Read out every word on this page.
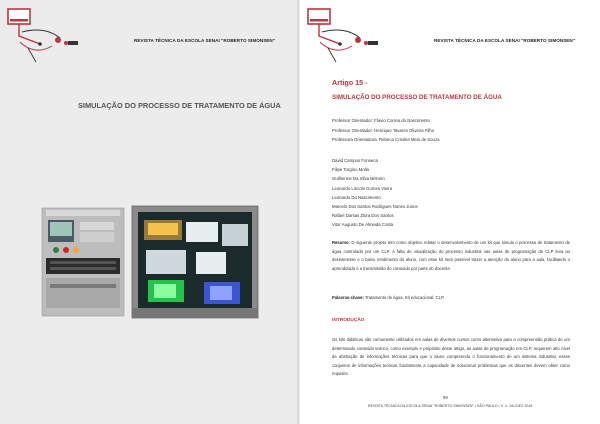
REVISTA TÉCNICA DA ESCOLA SENAI "ROBERTO SIMONSEN"
SIMULAÇÃO DO PROCESSO DE TRATAMENTO DE ÁGUA
REVISTA TÉCNICA DA ESCOLA SENAI "ROBERTO SIMONSEN"
Artigo 15 -
SIMULAÇÃO DO PROCESSO DE TRATAMENTO DE ÁGUA
Professor Orientador: Flavio Correa do Nascimento
Professor Orientador: Henrique Tavares Oliveira Filho
Professora Orientadora: Rebeca Cristina Melo de Souza
David Campos Fonseca
Filipe Torgino Molla
Guilherme Da Silva Belmiro
Leonardo Lincoln Gomes Vieira
Leonardo Do Nascimento
Marcelo Dos Santos Rodrigues Nunes Junior
Rafael Dantas Zlura Dos Santos
Vitor Augusto De Almeida Costa
Resumo: O siguente projeto tem como objetivo relatar o desenvolvimento de um kit que simula o processo de tratamento de água controlado por um CLP. A falta de visualização do processo industrial nas aulas de programação de CLP leva ao desinteresse e o baixo rendimento do aluno, com esse kit será possível trazer a atenção do aluno para a aula, facilitando o aprendizado e a transmissão do conteúdo por parte do docente.
Palavras-chave: Tratamento de água. Kit educacional. CLP.
INTRODUÇÃO
Os kits didáticos são comumente utilizados em aulas de diversos cursos como alternativa para a compreensão prática de um determinado conteúdo teórico, como exemplo e propósito deste artigo, as aulas de programação em CLP, requerem alto nível de abstração de informações técnicas para que o aluno compreenda o funcionamento de um sistema industrial, esses conjuntos de informações teóricas fundamenta a capacidade de solucionar problemas que os discentes devem obter como requisito
99
REVISTA TÉCNICA DA ESCOLA SENAI "ROBERTO SIMONSEN" • SÃO PAULO • V. 4, JUL/DEZ 2018
